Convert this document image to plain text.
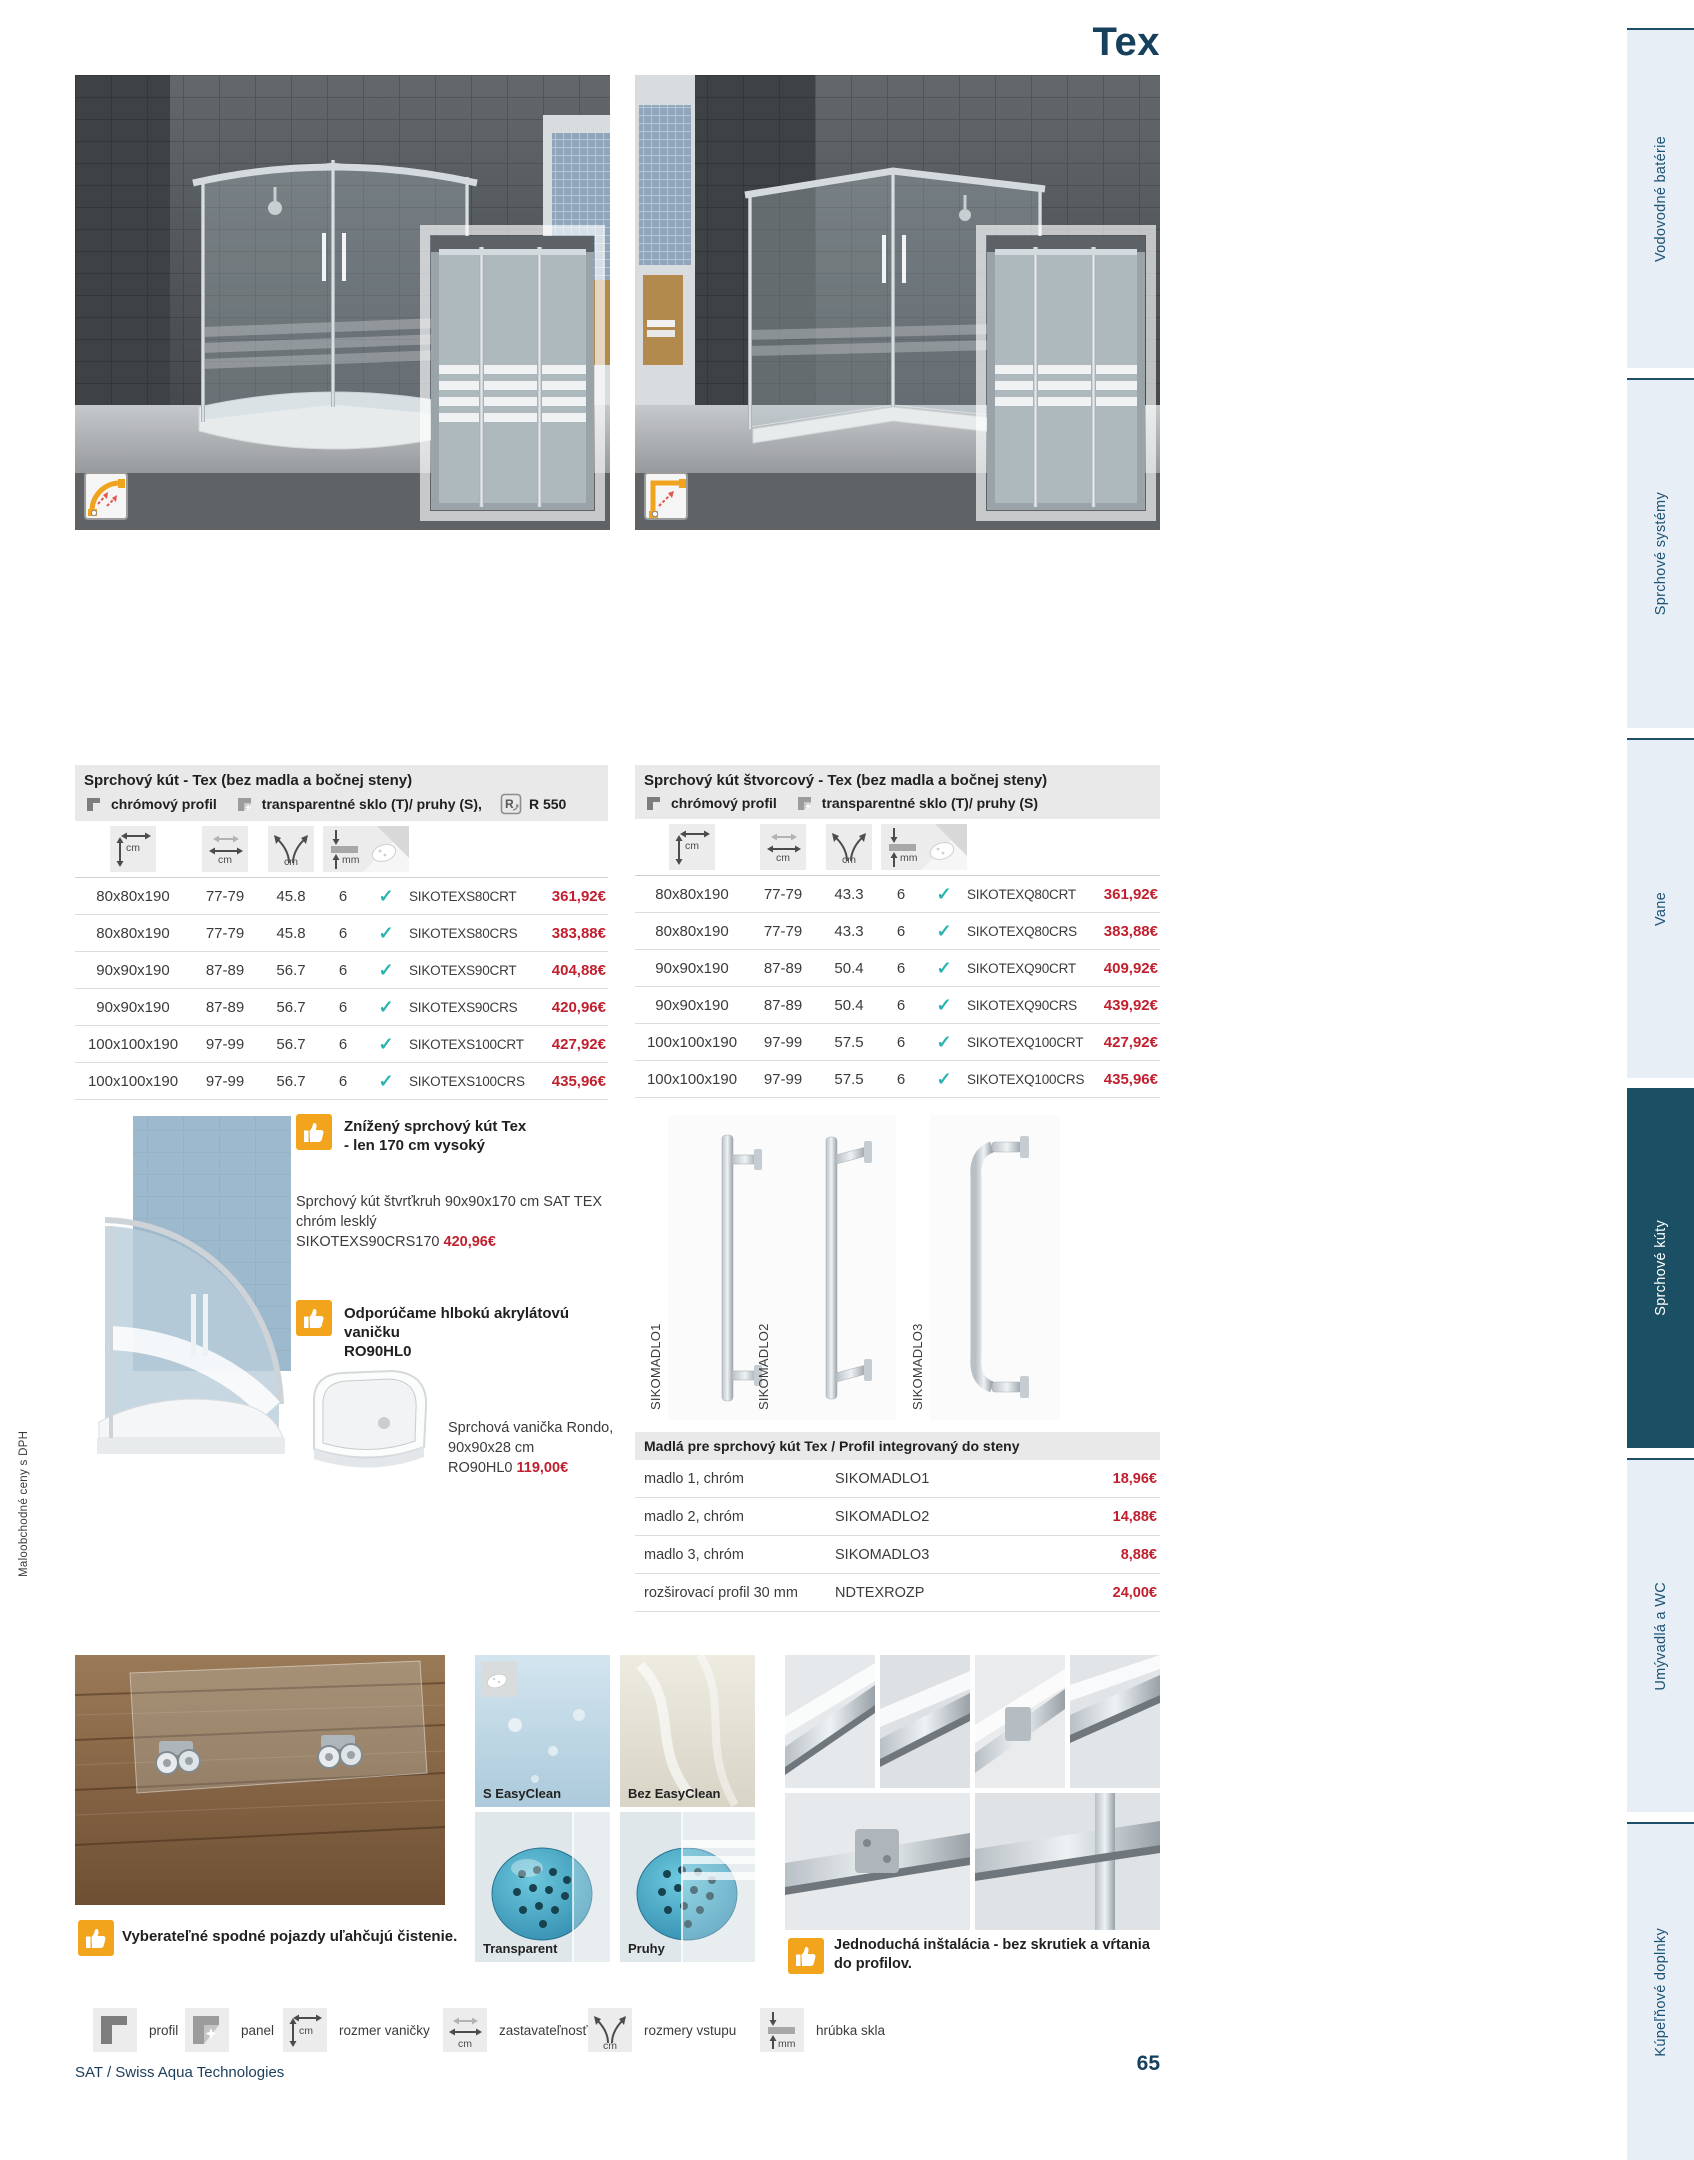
Tex
Vodovodné batérie
Sprchové systémy
Vane
Sprchové kúty
Umývadlá a WC
Kúpeľňové doplnky
Sprchový kút - Tex (bez madla a bočnej steny)
chrómový profil	transparentné sklo (T)/ pruhy (S), R R 550
cm	cm	cm	mm

80x80x190	77-79	45.8	6	✓	SIKOTEXS80CRT	361,92€
80x80x190	77-79	45.8	6	✓	SIKOTEXS80CRS	383,88€
90x90x190	87-89	56.7	6	✓	SIKOTEXS90CRT	404,88€
90x90x190	87-89	56.7	6	✓	SIKOTEXS90CRS	420,96€
100x100x190	97-99	56.7	6	✓	SIKOTEXS100CRT	427,92€
100x100x190	97-99	56.7	6	✓	SIKOTEXS100CRS	435,96€
Sprchový kút štvorcový - Tex (bez madla a bočnej steny)
chrómový profil	transparentné sklo (T)/ pruhy (S)
cm	cm	cm	mm

80x80x190	77-79	43.3	6	✓	SIKOTEXQ80CRT	361,92€
80x80x190	77-79	43.3	6	✓	SIKOTEXQ80CRS	383,88€
90x90x190	87-89	50.4	6	✓	SIKOTEXQ90CRT	409,92€
90x90x190	87-89	50.4	6	✓	SIKOTEXQ90CRS	439,92€
100x100x190	97-99	57.5	6	✓	SIKOTEXQ100CRT	427,92€
100x100x190	97-99	57.5	6	✓	SIKOTEXQ100CRS	435,96€
Znížený sprchový kút Tex
- len 170 cm vysoký
Sprchový kút štvrťkruh 90x90x170 cm SAT TEX
chróm lesklý
SIKOTEXS90CRS170 420,96€
Odporúčame hlbokú akrylátovú vaničku
RO90HL0
Sprchová vanička Rondo,
90x90x28 cm
RO90HL0 119,00€
SIKOMADLO1	SIKOMADLO2	SIKOMADLO3
Madlá pre sprchový kút Tex / Profil integrovaný do steny
madlo 1, chróm	SIKOMADLO1	18,96€
madlo 2, chróm	SIKOMADLO2	14,88€
madlo 3, chróm	SIKOMADLO3	8,88€
rozširovací profil 30 mm	NDTEXROZP	24,00€
Vyberateľné spodné pojazdy uľahčujú čistenie.
S EasyClean	Bez EasyClean
Transparent	Pruhy	Jednoduchá inštalácia - bez skrutiek a vŕtania do profilov.
profil	panel cm rozmer vaničky
cm
zastavateľnosť
cm
rozmery vstupu
mm
hrúbka skla
Maloobchodné ceny s DPH
SAT / Swiss Aqua Technologies	65
